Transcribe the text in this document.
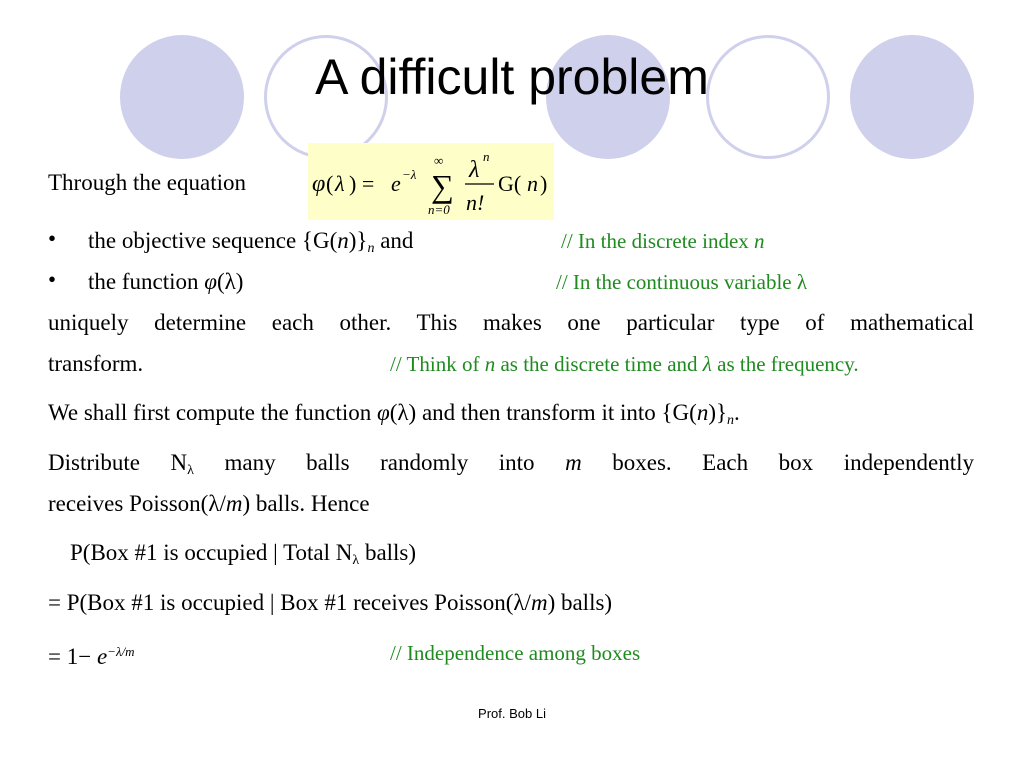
A difficult problem
Through the equation	φ ( λ ) = e −λ
∞
∑
n=0
λ
n
n!
G( n )
• the objective sequence $\{G(n)\}_n$ and	// In the discrete index n
• the function φ(λ)	// In the continuous variable λ
uniquely determine each other. This makes one particular type of mathematical
transform.	// Think of n as the discrete time and λ as the frequency.
We shall first compute the function φ(λ) and then transform it into $\{G(n)\}_n$.
Distribute $N_\lambda$ many balls randomly into m boxes. Each box independently
receives Poisson(λ/m) balls. Hence
P(Box #1 is occupied | Total $N_\lambda$ balls)
= P(Box #1 is occupied | Box #1 receives Poisson(λ/m) balls)
= $1- e^{-\lambda/m}$	// Independence among boxes
Prof. Bob Li
